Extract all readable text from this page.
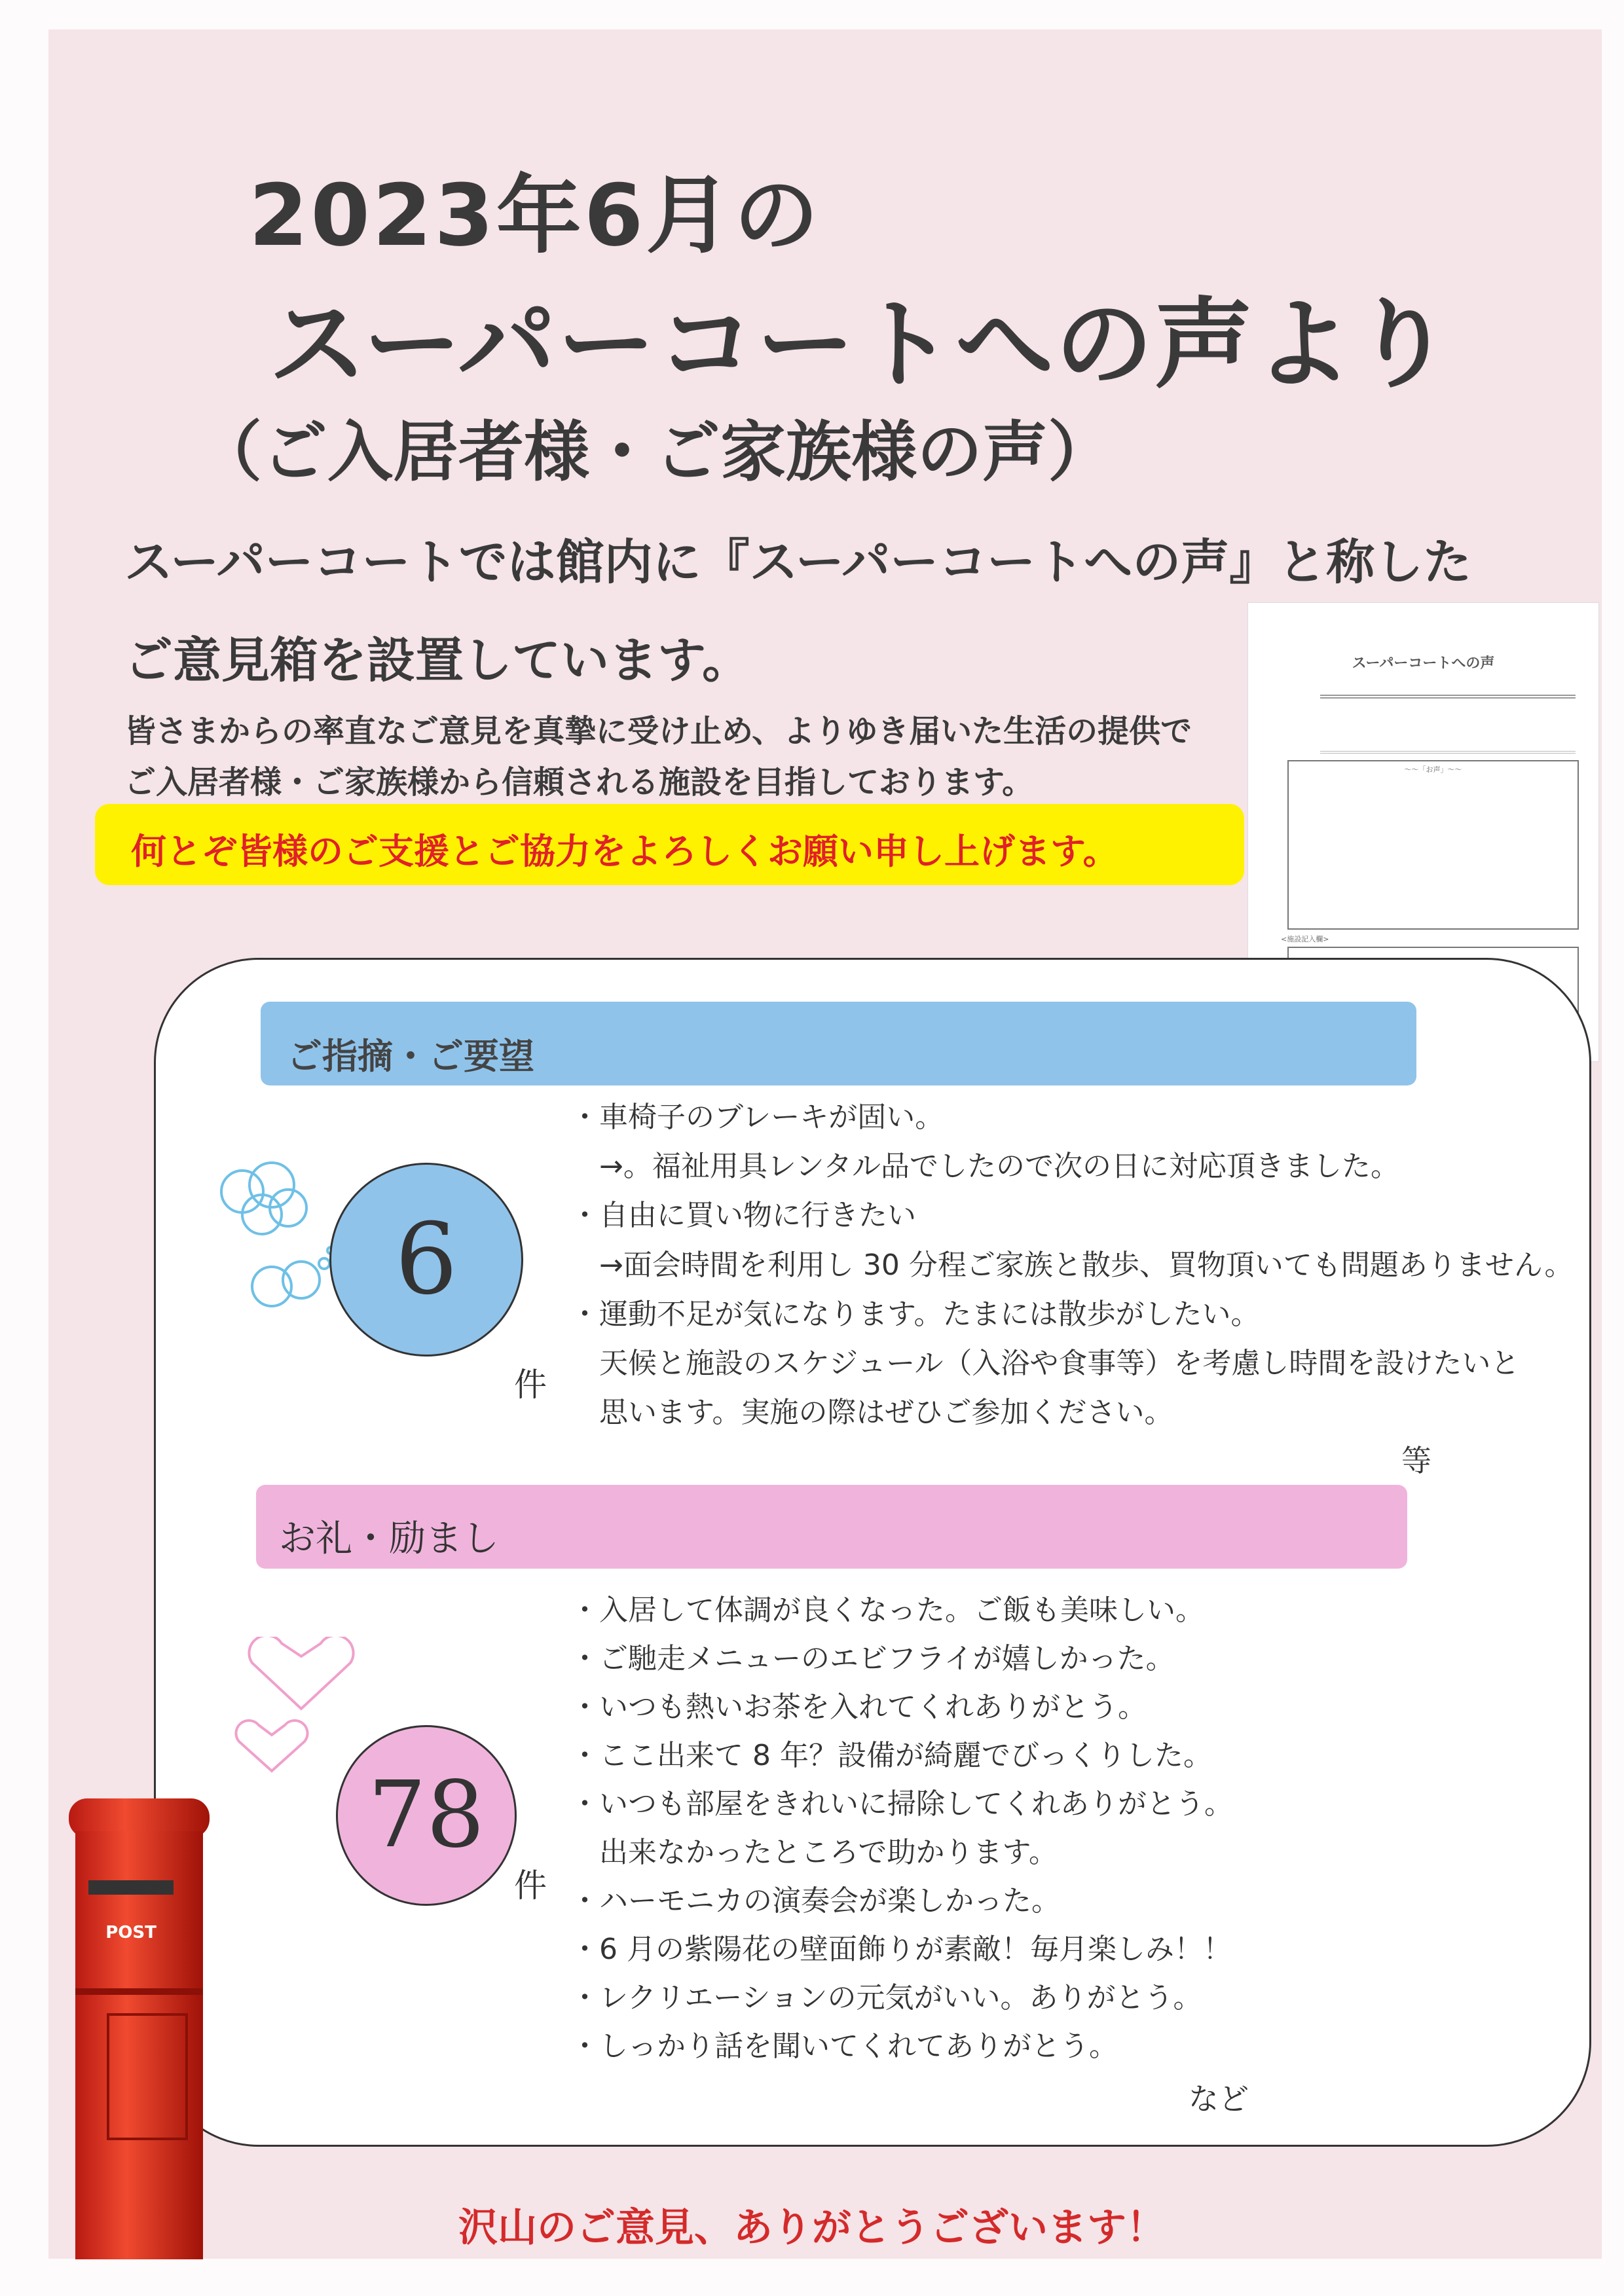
2023年6月の
スーパーコートへの声より
（ご入居者様・ご家族様の声）
スーパーコートでは館内に『スーパーコートへの声』と称した
ご意見箱を設置しています。
皆さまからの率直なご意見を真摯に受け止め、よりゆき届いた生活の提供で
ご入居者様・ご家族様から信頼される施設を目指しております。
何とぞ皆様のご支援とご協力をよろしくお願い申し上げます。
スーパーコートへの声
～～「お声」～～
<施設記入欄>
ご指摘・ご要望
6
件
・車椅子のブレーキが固い。
　→。福祉用具レンタル品でしたので次の日に対応頂きました。
・自由に買い物に行きたい
　→面会時間を利用し 30 分程ご家族と散歩、買物頂いても問題ありません。
・運動不足が気になります。たまには散歩がしたい。
　天候と施設のスケジュール（入浴や食事等）を考慮し時間を設けたいと
　思います。実施の際はぜひご参加ください。
等
お礼・励まし
78
件
・入居して体調が良くなった。ご飯も美味しい。
・ご馳走メニューのエビフライが嬉しかった。
・いつも熱いお茶を入れてくれありがとう。
・ここ出来て 8 年？設備が綺麗でびっくりした。
・いつも部屋をきれいに掃除してくれありがとう。
　出来なかったところで助かります。
・ハーモニカの演奏会が楽しかった。
・6 月の紫陽花の壁面飾りが素敵！毎月楽しみ！！
・レクリエーションの元気がいい。ありがとう。
・しっかり話を聞いてくれてありがとう。
など
POST
沢山のご意見、ありがとうございます！
